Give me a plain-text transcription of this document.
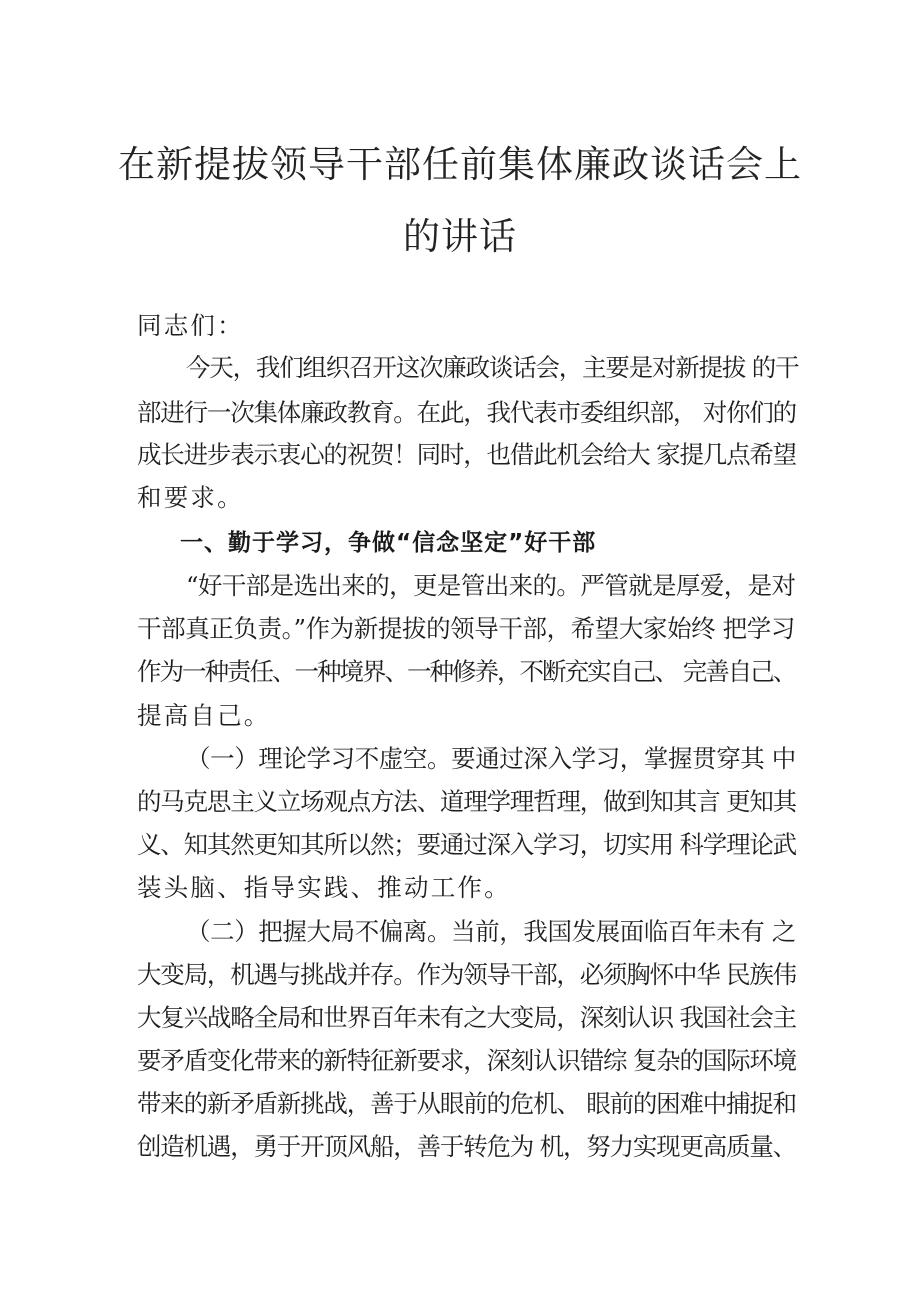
在新提拔领导干部任前集体廉政谈话会上
的讲话
同志们：
今天，我们组织召开这次廉政谈话会，主要是对新提拔 的干
部进行一次集体廉政教育。在此，我代表市委组织部， 对你们的
成长进步表示衷心的祝贺！同时，也借此机会给大 家提几点希望
和要求。
一、勤于学习，争做“信念坚定”好干部
“好干部是选出来的，更是管出来的。严管就是厚爱，是对
干部真正负责。”作为新提拔的领导干部，希望大家始终 把学习
作为一种责任、一种境界、一种修养，不断充实自己、 完善自己、
提高自己。
（一）理论学习不虚空。要通过深入学习，掌握贯穿其 中
的马克思主义立场观点方法、道理学理哲理，做到知其言 更知其
义、知其然更知其所以然；要通过深入学习，切实用 科学理论武
装头脑、指导实践、推动工作。
（二）把握大局不偏离。当前，我国发展面临百年未有 之
大变局，机遇与挑战并存。作为领导干部，必须胸怀中华 民族伟
大复兴战略全局和世界百年未有之大变局，深刻认识 我国社会主
要矛盾变化带来的新特征新要求，深刻认识错综 复杂的国际环境
带来的新矛盾新挑战，善于从眼前的危机、 眼前的困难中捕捉和
创造机遇，勇于开顶风船，善于转危为 机，努力实现更高质量、
